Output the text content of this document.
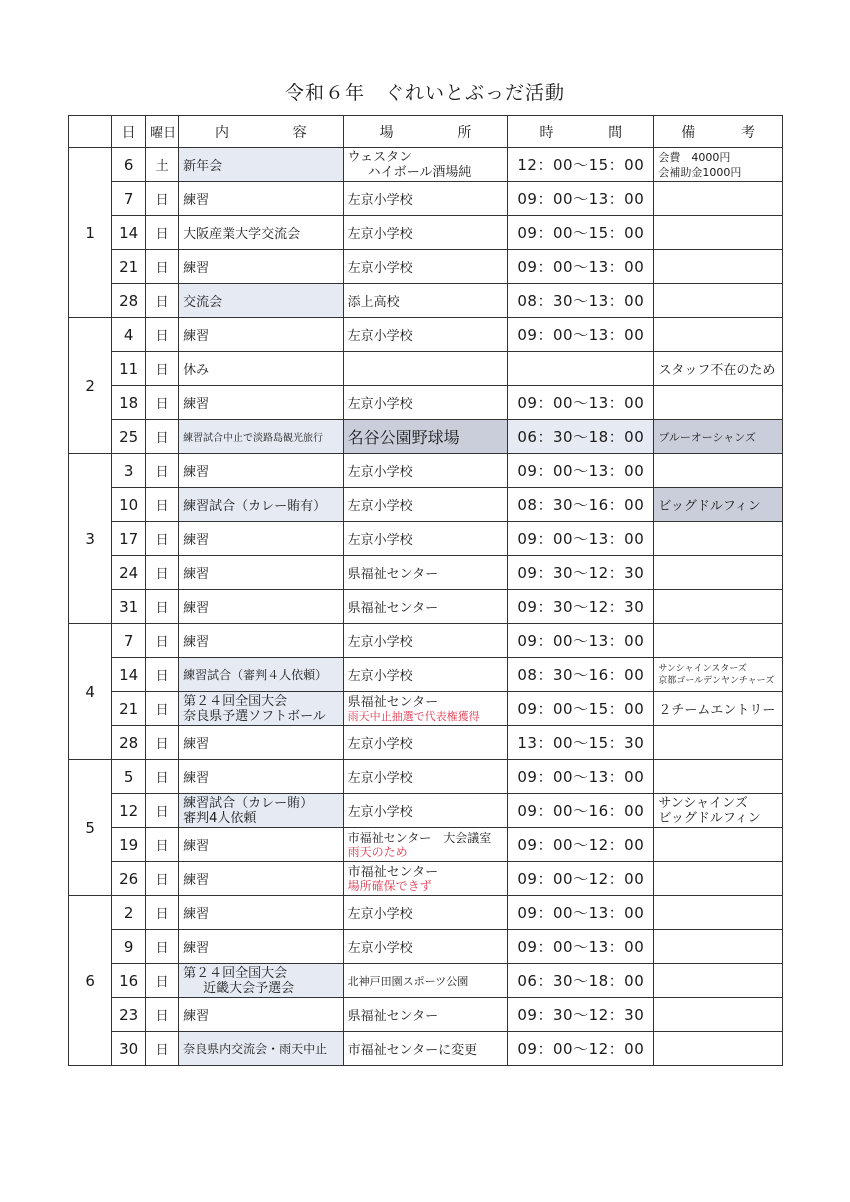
令和６年　ぐれいとぶっだ活動
	日	曜日	内 容	場 所	時 間	備 考

1	6	土	新年会	ウェスタン
ハイボール酒場純	12：00〜15：00	会費　4000円
会補助金1000円

	7	日	練習	左京小学校	09：00〜13：00	
	14	日	大阪産業大学交流会	左京小学校	09：00〜15：00	
	21	日	練習	左京小学校	09：00〜13：00	
	28	日	交流会	添上高校	08：30〜13：00	
2	4	日	練習	左京小学校	09：00〜13：00	
	11	日	休み			スタッフ不在のため
	18	日	練習	左京小学校	09：00〜13：00	
	25	日	練習試合中止で淡路島観光旅行	名谷公園野球場	06：30〜18：00	ブルーオーシャンズ
3	3	日	練習	左京小学校	09：00〜13：00	
	10	日	練習試合（カレー賄有）	左京小学校	08：30〜16：00	ビッグドルフィン
	17	日	練習	左京小学校	09：00〜13：00	
	24	日	練習	県福祉センター	09：30〜12：30	
	31	日	練習	県福祉センター	09：30〜12：30	
4	7	日	練習	左京小学校	09：00〜13：00	
	14	日	練習試合（審判４人依頼）	左京小学校	08：30〜16：00	サンシャインスターズ
京都ゴールデンヤンチャーズ

	21	日	第２４回全国大会
奈良県予選ソフトボール	県福祉センター
雨天中止抽選で代表権獲得	09：00〜15：00	２チームエントリー
	28	日	練習	左京小学校	13：00〜15：30	
5	5	日	練習	左京小学校	09：00〜13：00	
	12	日	練習試合（カレー賄）
審判4人依頼	左京小学校	09：00〜16：00	サンシャインズ
ビッグドルフィン

	19	日	練習	市福祉センター　大会議室
雨天のため	09：00〜12：00	
	26	日	練習	市福祉センター
場所確保できず	09：00〜12：00	
6	2	日	練習	左京小学校	09：00〜13：00	
	9	日	練習	左京小学校	09：00〜13：00	
	16	日	第２４回全国大会
近畿大会予選会	北神戸田園スポーツ公園	06：30〜18：00	
	23	日	練習	県福祉センター	09：30〜12：30	
	30	日	奈良県内交流会・雨天中止	市福祉センターに変更	09：00〜12：00	
